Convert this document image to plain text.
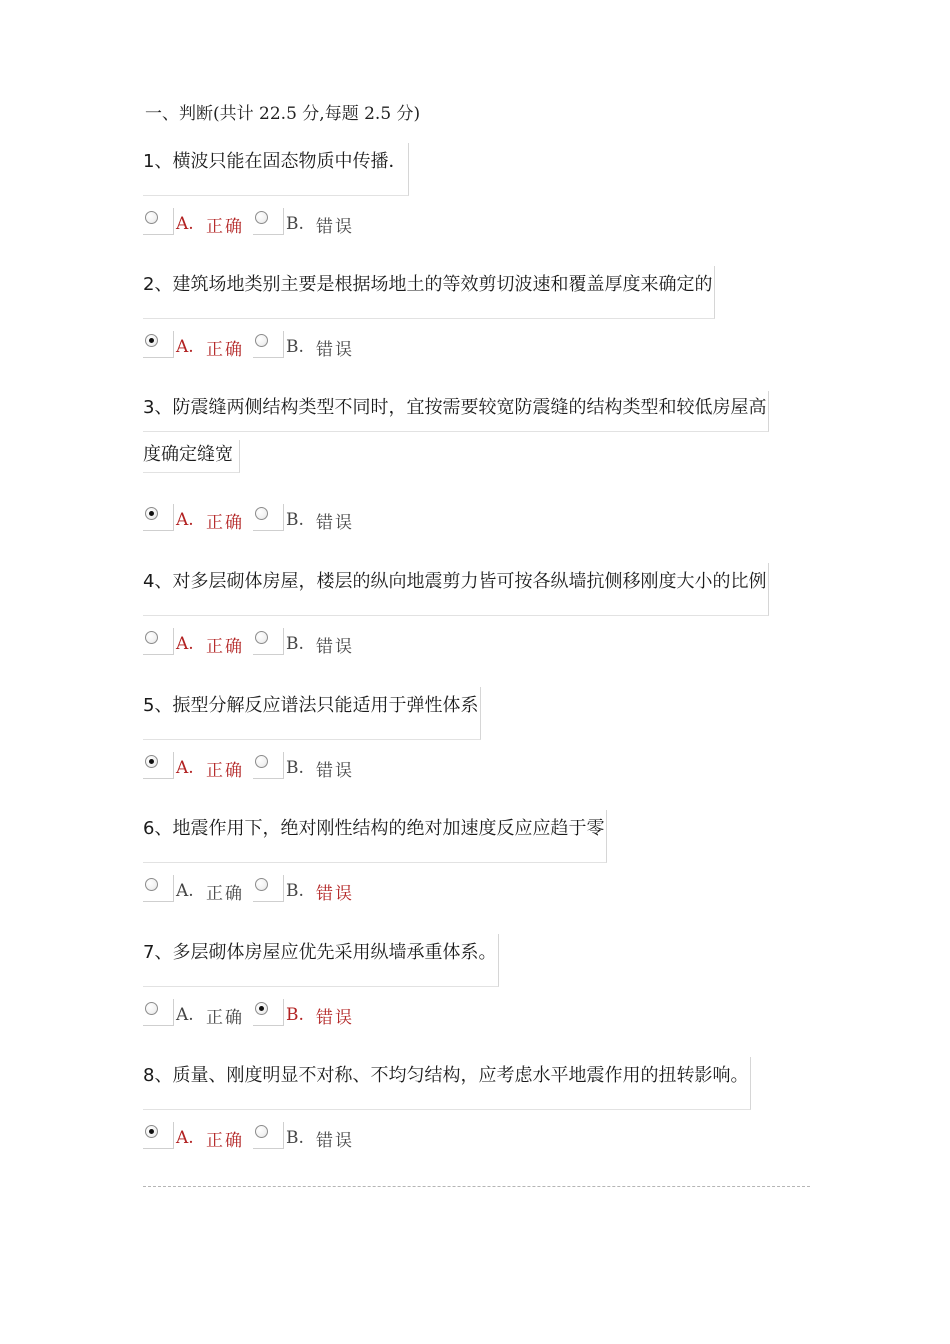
一、判断(共计 22.5 分,每题 2.5 分)
1、横波只能在固态物质中传播．
A. 正确 B. 错误
2、建筑场地类别主要是根据场地土的等效剪切波速和覆盖厚度来确定的
A. 正确 B. 错误
3、防震缝两侧结构类型不同时，宜按需要较宽防震缝的结构类型和较低房屋高
度确定缝宽
A. 正确 B. 错误
4、对多层砌体房屋，楼层的纵向地震剪力皆可按各纵墙抗侧移刚度大小的比例
A. 正确 B. 错误
5、振型分解反应谱法只能适用于弹性体系
A. 正确 B. 错误
6、地震作用下，绝对刚性结构的绝对加速度反应应趋于零
A. 正确 B. 错误
7、多层砌体房屋应优先采用纵墙承重体系。
A. 正确 B. 错误
8、质量、刚度明显不对称、不均匀结构，应考虑水平地震作用的扭转影响。
A. 正确 B. 错误
